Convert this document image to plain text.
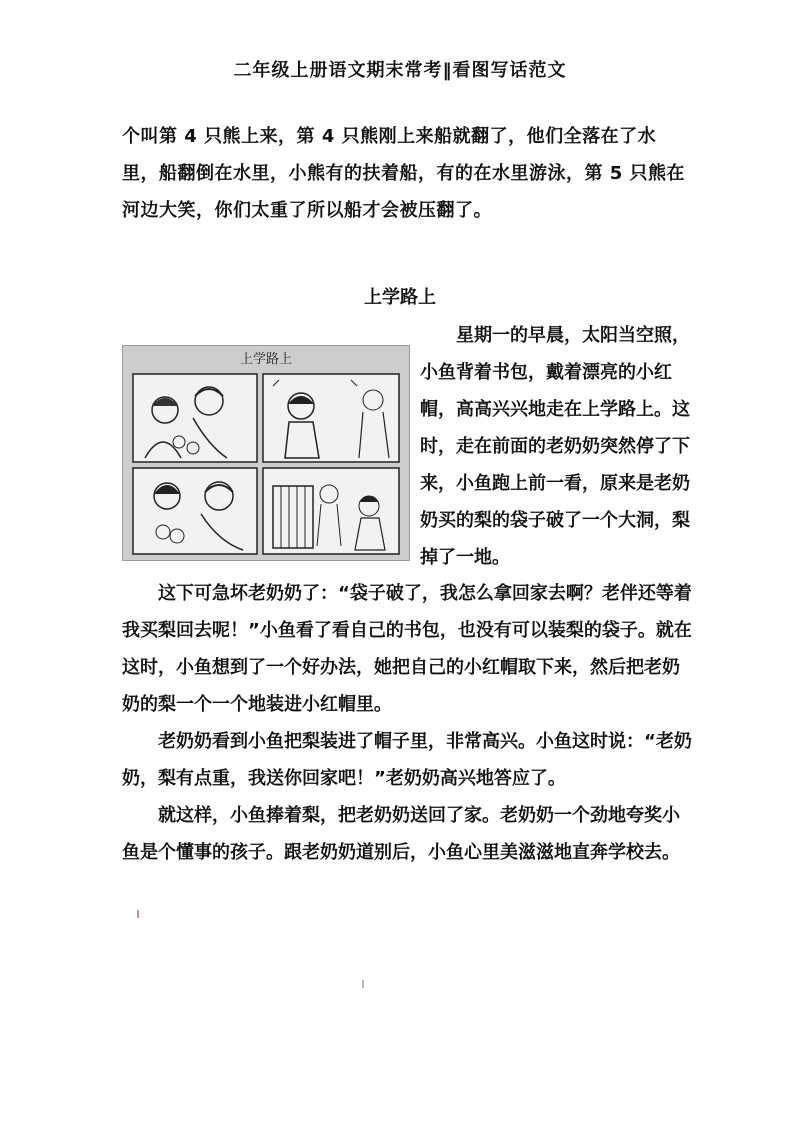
二年级上册语文期末常考‖看图写话范文

个叫第 4 只熊上来，第 4 只熊刚上来船就翻了，他们全落在了水里，船翻倒在水里，小熊有的扶着船，有的在水里游泳，第 5 只熊在河边大笑，你们太重了所以船才会被压翻了。

上学路上
上学路上

星期一的早晨，太阳当空照，小鱼背着书包，戴着漂亮的小红帽，高高兴兴地走在上学路上。这时，走在前面的老奶奶突然停了下来，小鱼跑上前一看，原来是老奶奶买的梨的袋子破了一个大洞，梨掉了一地。

这下可急坏老奶奶了：“袋子破了，我怎么拿回家去啊？老伴还等着我买梨回去呢！”小鱼看了看自己的书包，也没有可以装梨的袋子。就在这时，小鱼想到了一个好办法，她把自己的小红帽取下来，然后把老奶奶的梨一个一个地装进小红帽里。

老奶奶看到小鱼把梨装进了帽子里，非常高兴。小鱼这时说：“老奶奶，梨有点重，我送你回家吧！”老奶奶高兴地答应了。

就这样，小鱼捧着梨，把老奶奶送回了家。老奶奶一个劲地夸奖小鱼是个懂事的孩子。跟老奶奶道别后，小鱼心里美滋滋地直奔学校去。
